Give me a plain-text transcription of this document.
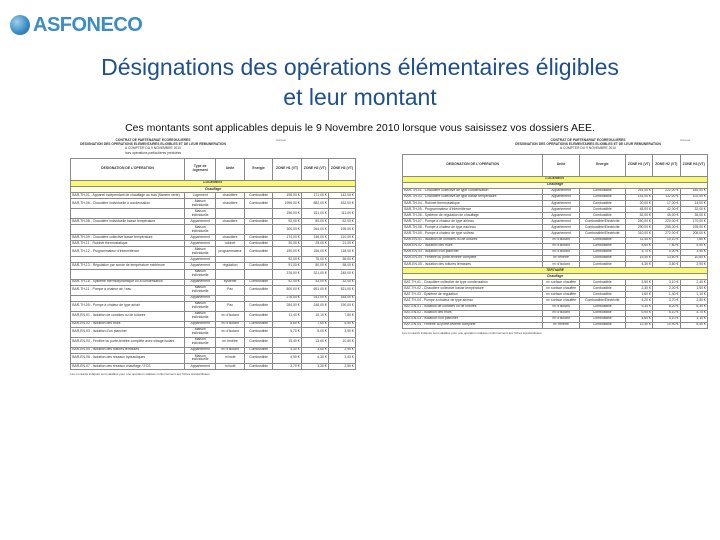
ASFONECO
Désignations des opérations élémentaires éligibles
et leur montant
Ces montants sont applicables depuis le 9 Novembre 2010 lorsque vous saisissez vos dossiers AEE.
Annexe
CONTRAT DE PARTENARIAT ECOREGULIERES
DESIGNATION DES OPERATIONS ELEMENTAIRES ELIGIBLES ET DE LEUR REMUNERATION
A COMPTER DU 9 NOVEMBRE 2010
hors opérations particulières précisées
DESIGNATION DE L'OPERATION	Type de logement	Unité	Energie	ZONE H1 (VT)	ZONE H2 (VT)	ZONE H3 (VT)
LOGEMENT						
Chauffage						
BAR-TH-01 - Appareil indépendant de chauffage au bois (flamme verte)	Logement	chaudière	Combustible	196,00 €	171,00 €	142,00 €
BAR-TH-06 - Chaudière individuelle à condensation	Maison individuelle	chaudière	Combustible	1996,00 €	882,00 €	632,00 €
	Maison individuelle			196,00 €	151,00 €	111,00 €
BAR-TH-08 - Chaudière individuelle basse température	Appartement	chaudière	Combustible	92,00 €	80,00 €	62,00 €
	Maison individuelle			300,00 €	264,00 €	195,00 €
BAR-TH-09 - Chaudière collective basse température	Appartement	chaudière	Combustible	174,00 €	146,00 €	110,00 €
BAR-TH-11 - Robinet thermostatique	Appartement	robinet	Combustible	30,00 €	25,00 €	21,00 €
BAR-TH-12 - Programmateur d'intermittence	Maison individuelle	programmateur	Combustible	190,00 €	156,00 €	118,00 €
	Appartement			92,00 €	75,00 €	56,00 €
BAR-TH-13 - Régulation par sonde de température extérieure	Appartement	régulation	Combustible	91,00 €	80,00 €	58,00 €
	Maison individuelle			376,00 €	321,00 €	245,00 €
BAR-TH-18 - Système thermodynamique ou à condensation	Appartement	système	Combustible	52,00 €	43,00 €	32,00 €
BAR-TH-11 - Pompe à chaleur air / eau	Maison individuelle	Pac	Combustible	800,00 €	691,00 €	521,00 €
	Appartement			276,00 €	241,00 €	184,00 €
BAR-TH-05 - Pompe à chaleur de type air/air	Maison individuelle	Pac	Combustible	284,00 €	248,00 €	190,00 €
BAR-EN-01 - Isolation de combles ou de toitures	Maison individuelle	m² d'isolant	Combustible	11,40 €	10,10 €	7,80 €
BAR-EN-02 - Isolation des murs	Appartement	m² d'isolant	Combustible	8,60 €	7,60 €	5,90 €
BAR-EN-03 - Isolation d'un plancher	Maison individuelle	m² d'isolant	Combustible	5,70 €	5,00 €	3,90 €
BAR-EN-04 - Fenêtre ou porte-fenêtre complète avec vitrage isolant	Maison individuelle	m² fenêtre	Combustible	15,40 €	13,60 €	10,60 €
BAR-EN-05 - Isolation des toitures terrasses	Appartement	m² d'isolant	Combustible	4,30 €	3,80 €	2,90 €
BAR-EN-06 - Isolation des réseaux hydrauliques	Maison individuelle	m isolé	Combustible	4,90 €	4,30 €	3,40 €
BAR-EN-07 - Isolation des réseaux chauffage / ECS	Appartement	m isolé	Combustible	3,70 €	3,30 €	2,50 €
Les montants indiqués sont valables pour une opération réalisée conformément aux fiches standardisées.
Annexe
CONTRAT DE PARTENARIAT ECOREGULIERES
DESIGNATION DES OPERATIONS ELEMENTAIRES ELIGIBLES ET DE LEUR REMUNERATION
A COMPTER DU 9 NOVEMBRE 2010
DESIGNATION DE L'OPERATION	Unité	Energie	ZONE H1 (VT)	ZONE H2 (VT)	ZONE H3 (VT)
LOGEMENT					
Chauffage					
BAR-TH-01 - Chaudière collective de type condensation	Appartement	Combustible	251,00 €	222,00 €	180,00 €
BAR-TH-03 - Chaudière collective de type basse température	Appartement	Combustible	151,00 €	132,00 €	102,00 €
BAR-TH-04 - Robinet thermostatique	Appartement	Combustible	20,00 €	17,00 €	14,00 €
BAR-TH-05 - Programmateur d'intermittence	Appartement	Combustible	48,00 €	42,00 €	32,00 €
BAR-TH-06 - Système de régulation de chauffage	Appartement	Combustible	52,00 €	45,00 €	35,00 €
BAR-TH-07 - Pompe à chaleur de type air/eau	Appartement	Combustible/Electricité	250,00 €	220,00 €	170,00 €
BAR-TH-08 - Pompe à chaleur de type eau/eau	Appartement	Combustible/Electricité	290,00 €	255,00 €	195,00 €
BAR-TH-09 - Pompe à chaleur de type sol/eau	Appartement	Combustible/Electricité	310,00 €	272,00 €	208,00 €
BAR-EN-01 - Isolation de combles ou de toitures	m² d'isolant	Combustible	11,40 €	10,10 €	7,80 €
BAR-EN-02 - Isolation des murs	m² d'isolant	Combustible	8,60 €	7,60 €	5,90 €
BAR-EN-03 - Isolation d'un plancher	m² d'isolant	Combustible	5,70 €	5,00 €	3,90 €
BAR-EN-04 - Fenêtre ou porte-fenêtre complète	m² fenêtre	Combustible	15,40 €	13,60 €	10,60 €
BAR-EN-05 - Isolation des toitures terrasses	m² d'isolant	Combustible	4,30 €	3,80 €	2,90 €
TERTIAIRE					
Chauffage					
BAT-TH-01 - Chaudière collective de type condensation	m² surface chauffée	Combustible	3,50 €	3,10 €	2,40 €
BAT-TH-02 - Chaudière collective basse température	m² surface chauffée	Combustible	2,30 €	2,00 €	1,50 €
BAT-TH-03 - Système de régulation	m² surface chauffée	Combustible	1,60 €	1,40 €	1,10 €
BAT-TH-04 - Pompe à chaleur de type air/eau	m² surface chauffée	Combustible/Electricité	4,20 €	3,70 €	2,80 €
BAT-EN-01 - Isolation de combles ou de toitures	m² d'isolant	Combustible	9,30 €	8,20 €	6,30 €
BAT-EN-02 - Isolation des murs	m² d'isolant	Combustible	6,90 €	6,10 €	4,70 €
BAT-EN-03 - Isolation d'un plancher	m² d'isolant	Combustible	4,60 €	4,10 €	3,10 €
BAT-EN-04 - Fenêtre ou porte-fenêtre complète	m² fenêtre	Combustible	12,40 €	10,90 €	8,40 €
Les montants indiqués sont valables pour une opération réalisée conformément aux fiches standardisées.
